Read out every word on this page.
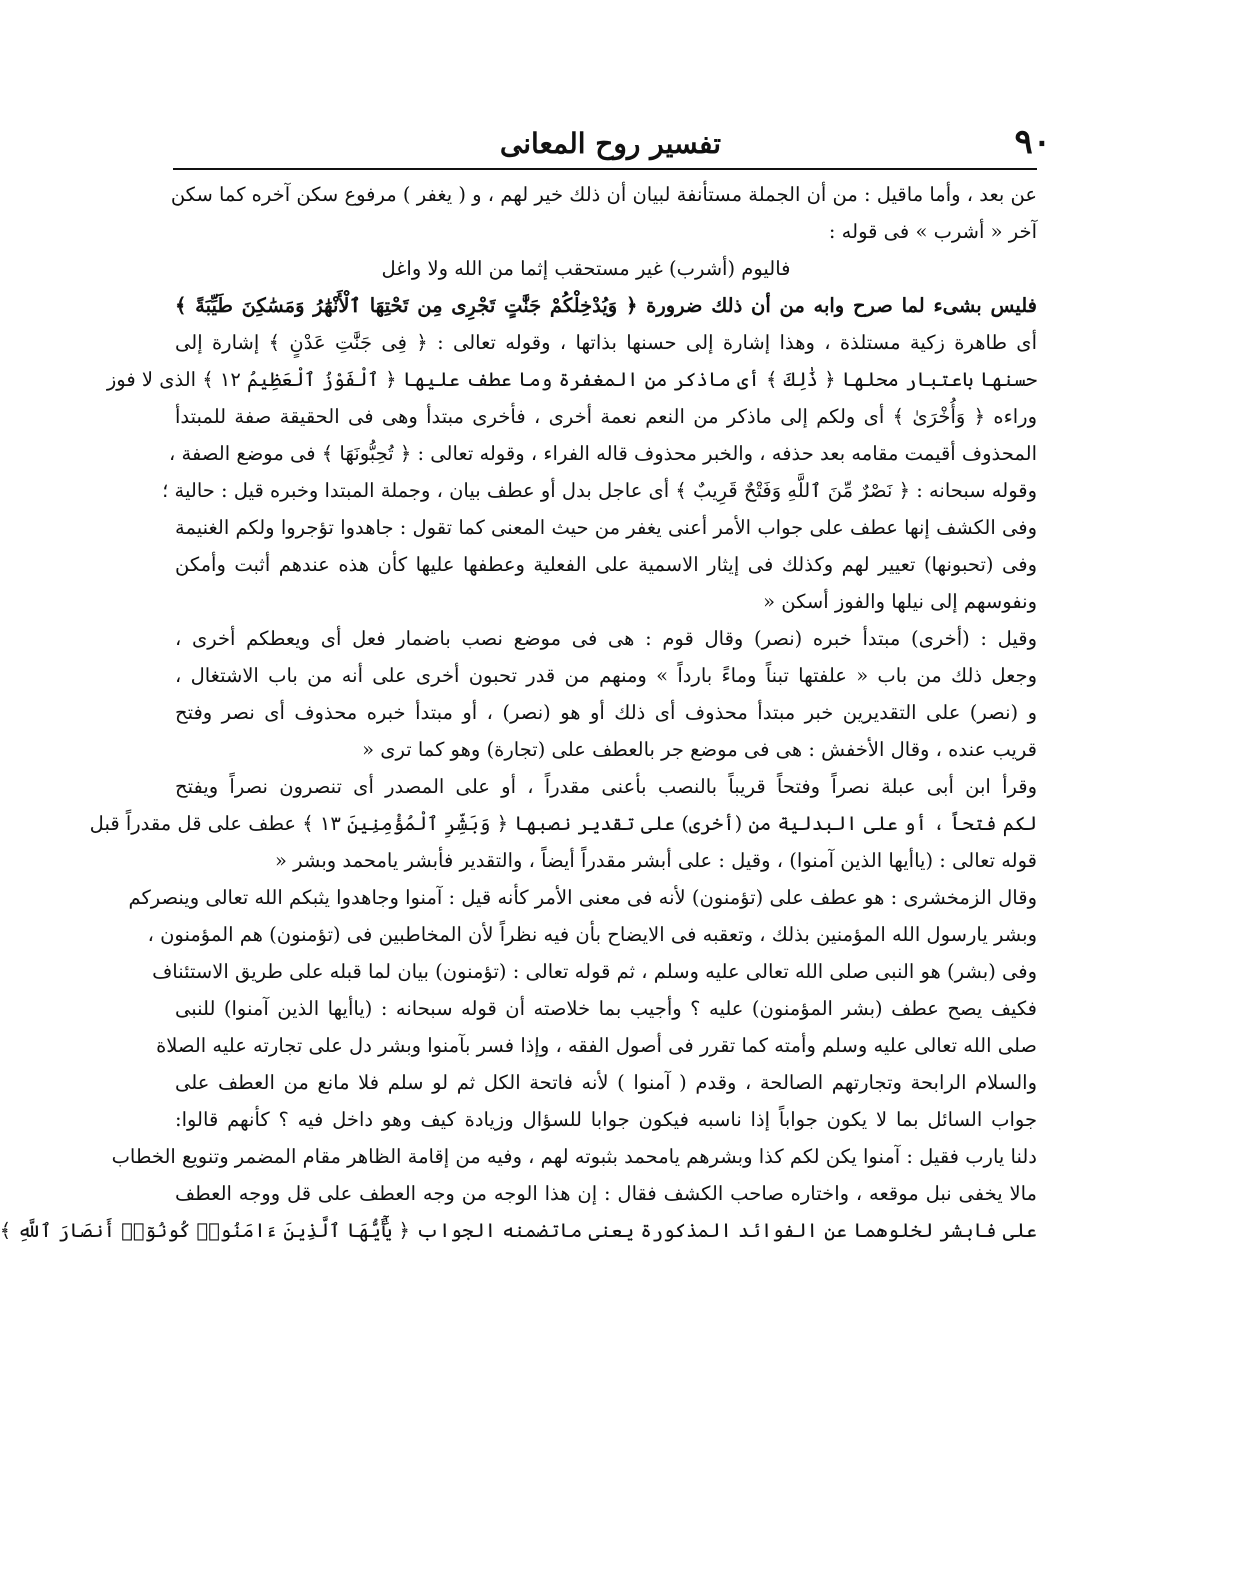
٩٠
تفسير روح المعانى
عن بعد ، وأما ماقيل : من أن الجملة مستأنفة لبيان أن ذلك خير لهم ، و ( يغفر ) مرفوع سكن آخره كما سكن
آخر « أشرب » فى قوله :
فاليوم (أشرب) غير مستحقب إثما من الله ولا واغل
فليس بشىء لما صرح وابه من أن ذلك ضرورة ﴿ وَيُدْخِلْكُمْ جَنَّٰتٍ تَجْرِى مِن تَحْتِهَا ٱلْأَنْهَٰرُ وَمَسَٰكِنَ طَيِّبَةً ﴾
أى طاهرة زكية مستلذة ، وهذا إشارة إلى حسنها بذاتها ، وقوله تعالى : ﴿ فِى جَنَّٰتِ عَدْنٍ ﴾ إشارة إلى
حسنها باعتبار محلها ﴿ ذَٰلِكَ ﴾ أى ماذكر من المغفرة وما عطف عليها ﴿ ٱلْفَوْزُ ٱلْعَظِيمُ ١٢ ﴾ الذى لا فوز
وراءه ﴿ وَأُخْرَىٰ ﴾ أى ولكم إلى ماذكر من النعم نعمة أخرى ، فأخرى مبتدأ وهى فى الحقيقة صفة للمبتدأ
المحذوف أقيمت مقامه بعد حذفه ، والخبر محذوف قاله الفراء ، وقوله تعالى : ﴿ تُحِبُّونَهَا ﴾ فى موضع الصفة ،
وقوله سبحانه : ﴿ نَصْرٌ مِّنَ ٱللَّهِ وَفَتْحٌ قَرِيبٌ ﴾ أى عاجل بدل أو عطف بيان ، وجملة المبتدا وخبره قيل : حالية ؛
وفى الكشف إنها عطف على جواب الأمر أعنى يغفر من حيث المعنى كما تقول : جاهدوا تؤجروا ولكم الغنيمة
وفى (تحبونها) تعيير لهم وكذلك فى إيثار الاسمية على الفعلية وعطفها عليها كأن هذه عندهم أثبت وأمكن
ونفوسهم إلى نيلها والفوز أسكن «
وقيل : (أخرى) مبتدأ خبره (نصر) وقال قوم : هى فى موضع نصب باضمار فعل أى ويعطكم أخرى ،
وجعل ذلك من باب « علفتها تبناً وماءً بارداً » ومنهم من قدر تحبون أخرى على أنه من باب الاشتغال ،
و (نصر) على التقديرين خبر مبتدأ محذوف أى ذلك أو هو (نصر) ، أو مبتدأ خبره محذوف أى نصر وفتح
قريب عنده ، وقال الأخفش : هى فى موضع جر بالعطف على (تجارة) وهو كما ترى «
وقرأ ابن أبى عبلة نصراً وفتحاً قريباً بالنصب بأعنى مقدراً ، أو على المصدر أى تنصرون نصراً ويفتح
لكم فتحاً ، أو على البدلية من (أخرى) على تقدير نصبها ﴿ وَبَشِّرِ ٱلْمُؤْمِنِينَ ١٣ ﴾ عطف على قل مقدراً قبل
قوله تعالى : (ياأيها الذين آمنوا) ، وقيل : على أبشر مقدراً أيضاً ، والتقدير فأبشر يامحمد وبشر «
وقال الزمخشرى : هو عطف على (تؤمنون) لأنه فى معنى الأمر كأنه قيل : آمنوا وجاهدوا يثبكم الله تعالى وينصركم
وبشر يارسول الله المؤمنين بذلك ، وتعقبه فى الايضاح بأن فيه نظراً لأن المخاطبين فى (تؤمنون) هم المؤمنون ،
وفى (بشر) هو النبى صلى الله تعالى عليه وسلم ، ثم قوله تعالى : (تؤمنون) بيان لما قبله على طريق الاستئناف
فكيف يصح عطف (بشر المؤمنون) عليه ؟ وأجيب بما خلاصته أن قوله سبحانه : (ياأيها الذين آمنوا) للنبى
صلى الله تعالى عليه وسلم وأمته كما تقرر فى أصول الفقه ، وإذا فسر بآمنوا وبشر دل على تجارته عليه الصلاة
والسلام الرابحة وتجارتهم الصالحة ، وقدم ( آمنوا ) لأنه فاتحة الكل ثم لو سلم فلا مانع من العطف على
جواب السائل بما لا يكون جواباً إذا ناسبه فيكون جوابا للسؤال وزيادة كيف وهو داخل فيه ؟ كأنهم قالوا:
دلنا يارب فقيل : آمنوا يكن لكم كذا وبشرهم يامحمد بثبوته لهم ، وفيه من إقامة الظاهر مقام المضمر وتنويع الخطاب
مالا يخفى نبل موقعه ، واختاره صاحب الكشف فقال : إن هذا الوجه من وجه العطف على قل ووجه العطف
على فابشر لخلوهما عن الفوائد المذكورة يعنى ماتضمنه الجواب ﴿ يَٰٓأَيُّهَا ٱلَّذِينَ ءَامَنُوا۟ كُونُوٓا۟ أَنصَارَ ٱللَّهِ ﴾
